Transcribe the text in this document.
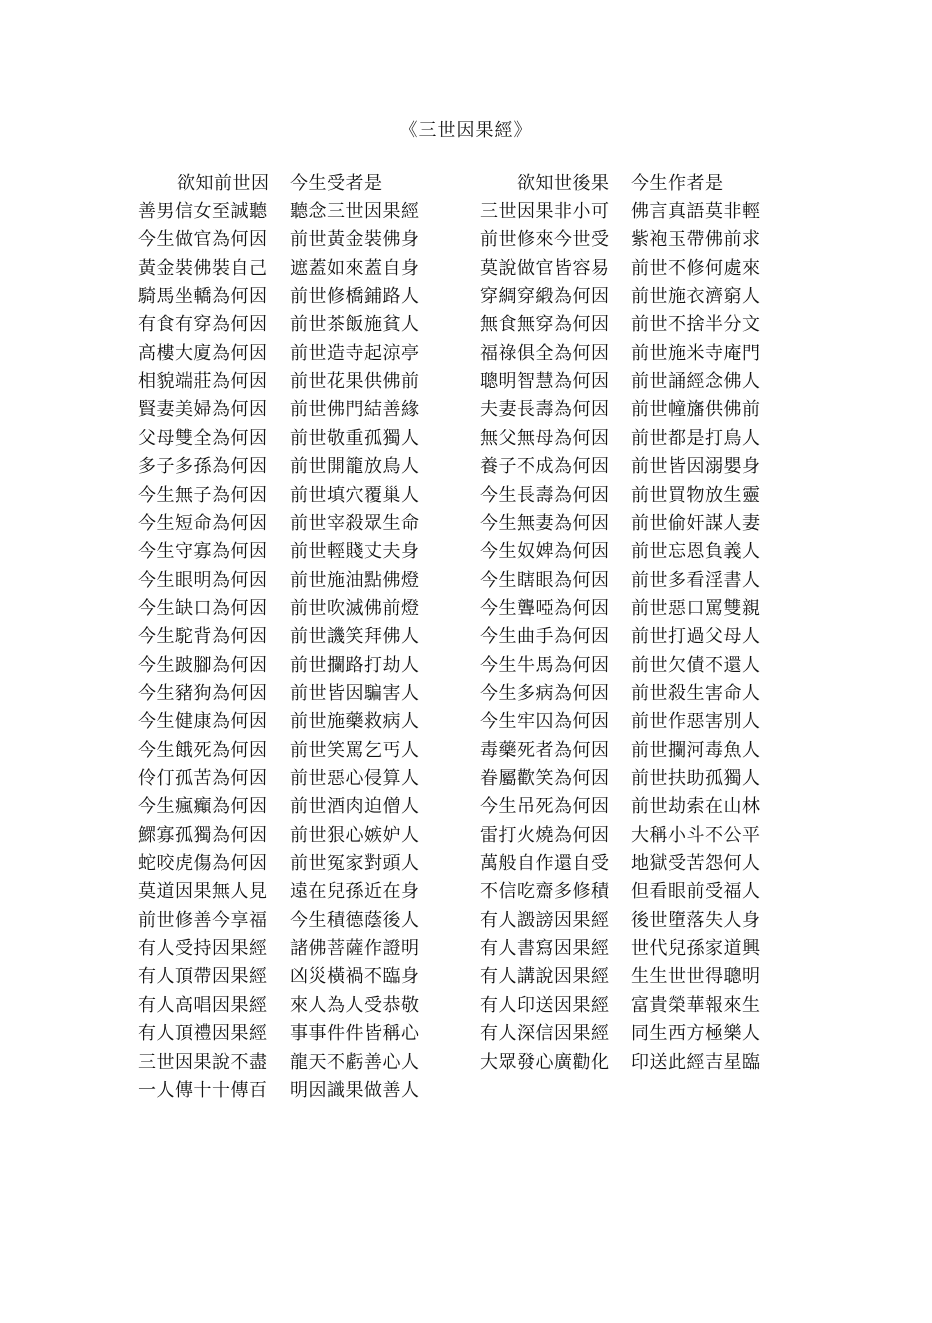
《三世因果經》
欲知前世因 今生受者是	欲知世後果 今生作者是
善男信女至誠聽 聽念三世因果經	三世因果非小可 佛言真語莫非輕
今生做官為何因 前世黃金裝佛身	前世修來今世受 紫袍玉帶佛前求
黃金裝佛裝自己 遮蓋如來蓋自身	莫說做官皆容易 前世不修何處來
騎馬坐轎為何因 前世修橋鋪路人	穿綢穿緞為何因 前世施衣濟窮人
有食有穿為何因 前世茶飯施貧人	無食無穿為何因 前世不捨半分文
高樓大廈為何因 前世造寺起涼亭	福祿俱全為何因 前世施米寺庵門
相貌端莊為何因 前世花果供佛前	聰明智慧為何因 前世誦經念佛人
賢妻美婦為何因 前世佛門結善緣	夫妻長壽為何因 前世幢旛供佛前
父母雙全為何因 前世敬重孤獨人	無父無母為何因 前世都是打鳥人
多子多孫為何因 前世開籠放鳥人	養子不成為何因 前世皆因溺嬰身
今生無子為何因 前世填穴覆巢人	今生長壽為何因 前世買物放生靈
今生短命為何因 前世宰殺眾生命	今生無妻為何因 前世偷奸謀人妻
今生守寡為何因 前世輕賤丈夫身	今生奴婢為何因 前世忘恩負義人
今生眼明為何因 前世施油點佛燈	今生瞎眼為何因 前世多看淫書人
今生缺口為何因 前世吹滅佛前燈	今生聾啞為何因 前世惡口罵雙親
今生駝背為何因 前世譏笑拜佛人	今生曲手為何因 前世打過父母人
今生跛腳為何因 前世攔路打劫人	今生牛馬為何因 前世欠債不還人
今生豬狗為何因 前世皆因騙害人	今生多病為何因 前世殺生害命人
今生健康為何因 前世施藥救病人	今生牢囚為何因 前世作惡害別人
今生餓死為何因 前世笑罵乞丐人	毒藥死者為何因 前世攔河毒魚人
伶仃孤苦為何因 前世惡心侵算人	眷屬歡笑為何因 前世扶助孤獨人
今生瘋癲為何因 前世酒肉迫僧人	今生吊死為何因 前世劫索在山林
鰥寡孤獨為何因 前世狠心嫉妒人	雷打火燒為何因 大稱小斗不公平
蛇咬虎傷為何因 前世冤家對頭人	萬般自作還自受 地獄受苦怨何人
莫道因果無人見 遠在兒孫近在身	不信吃齋多修積 但看眼前受福人
前世修善今享福 今生積德蔭後人	有人譭謗因果經 後世墮落失人身
有人受持因果經 諸佛菩薩作證明	有人書寫因果經 世代兒孫家道興
有人頂帶因果經 凶災橫禍不臨身	有人講說因果經 生生世世得聰明
有人高唱因果經 來人為人受恭敬	有人印送因果經 富貴榮華報來生
有人頂禮因果經 事事件件皆稱心	有人深信因果經 同生西方極樂人
三世因果說不盡 龍天不虧善心人	大眾發心廣勸化 印送此經吉星臨
一人傳十十傳百 明因識果做善人
